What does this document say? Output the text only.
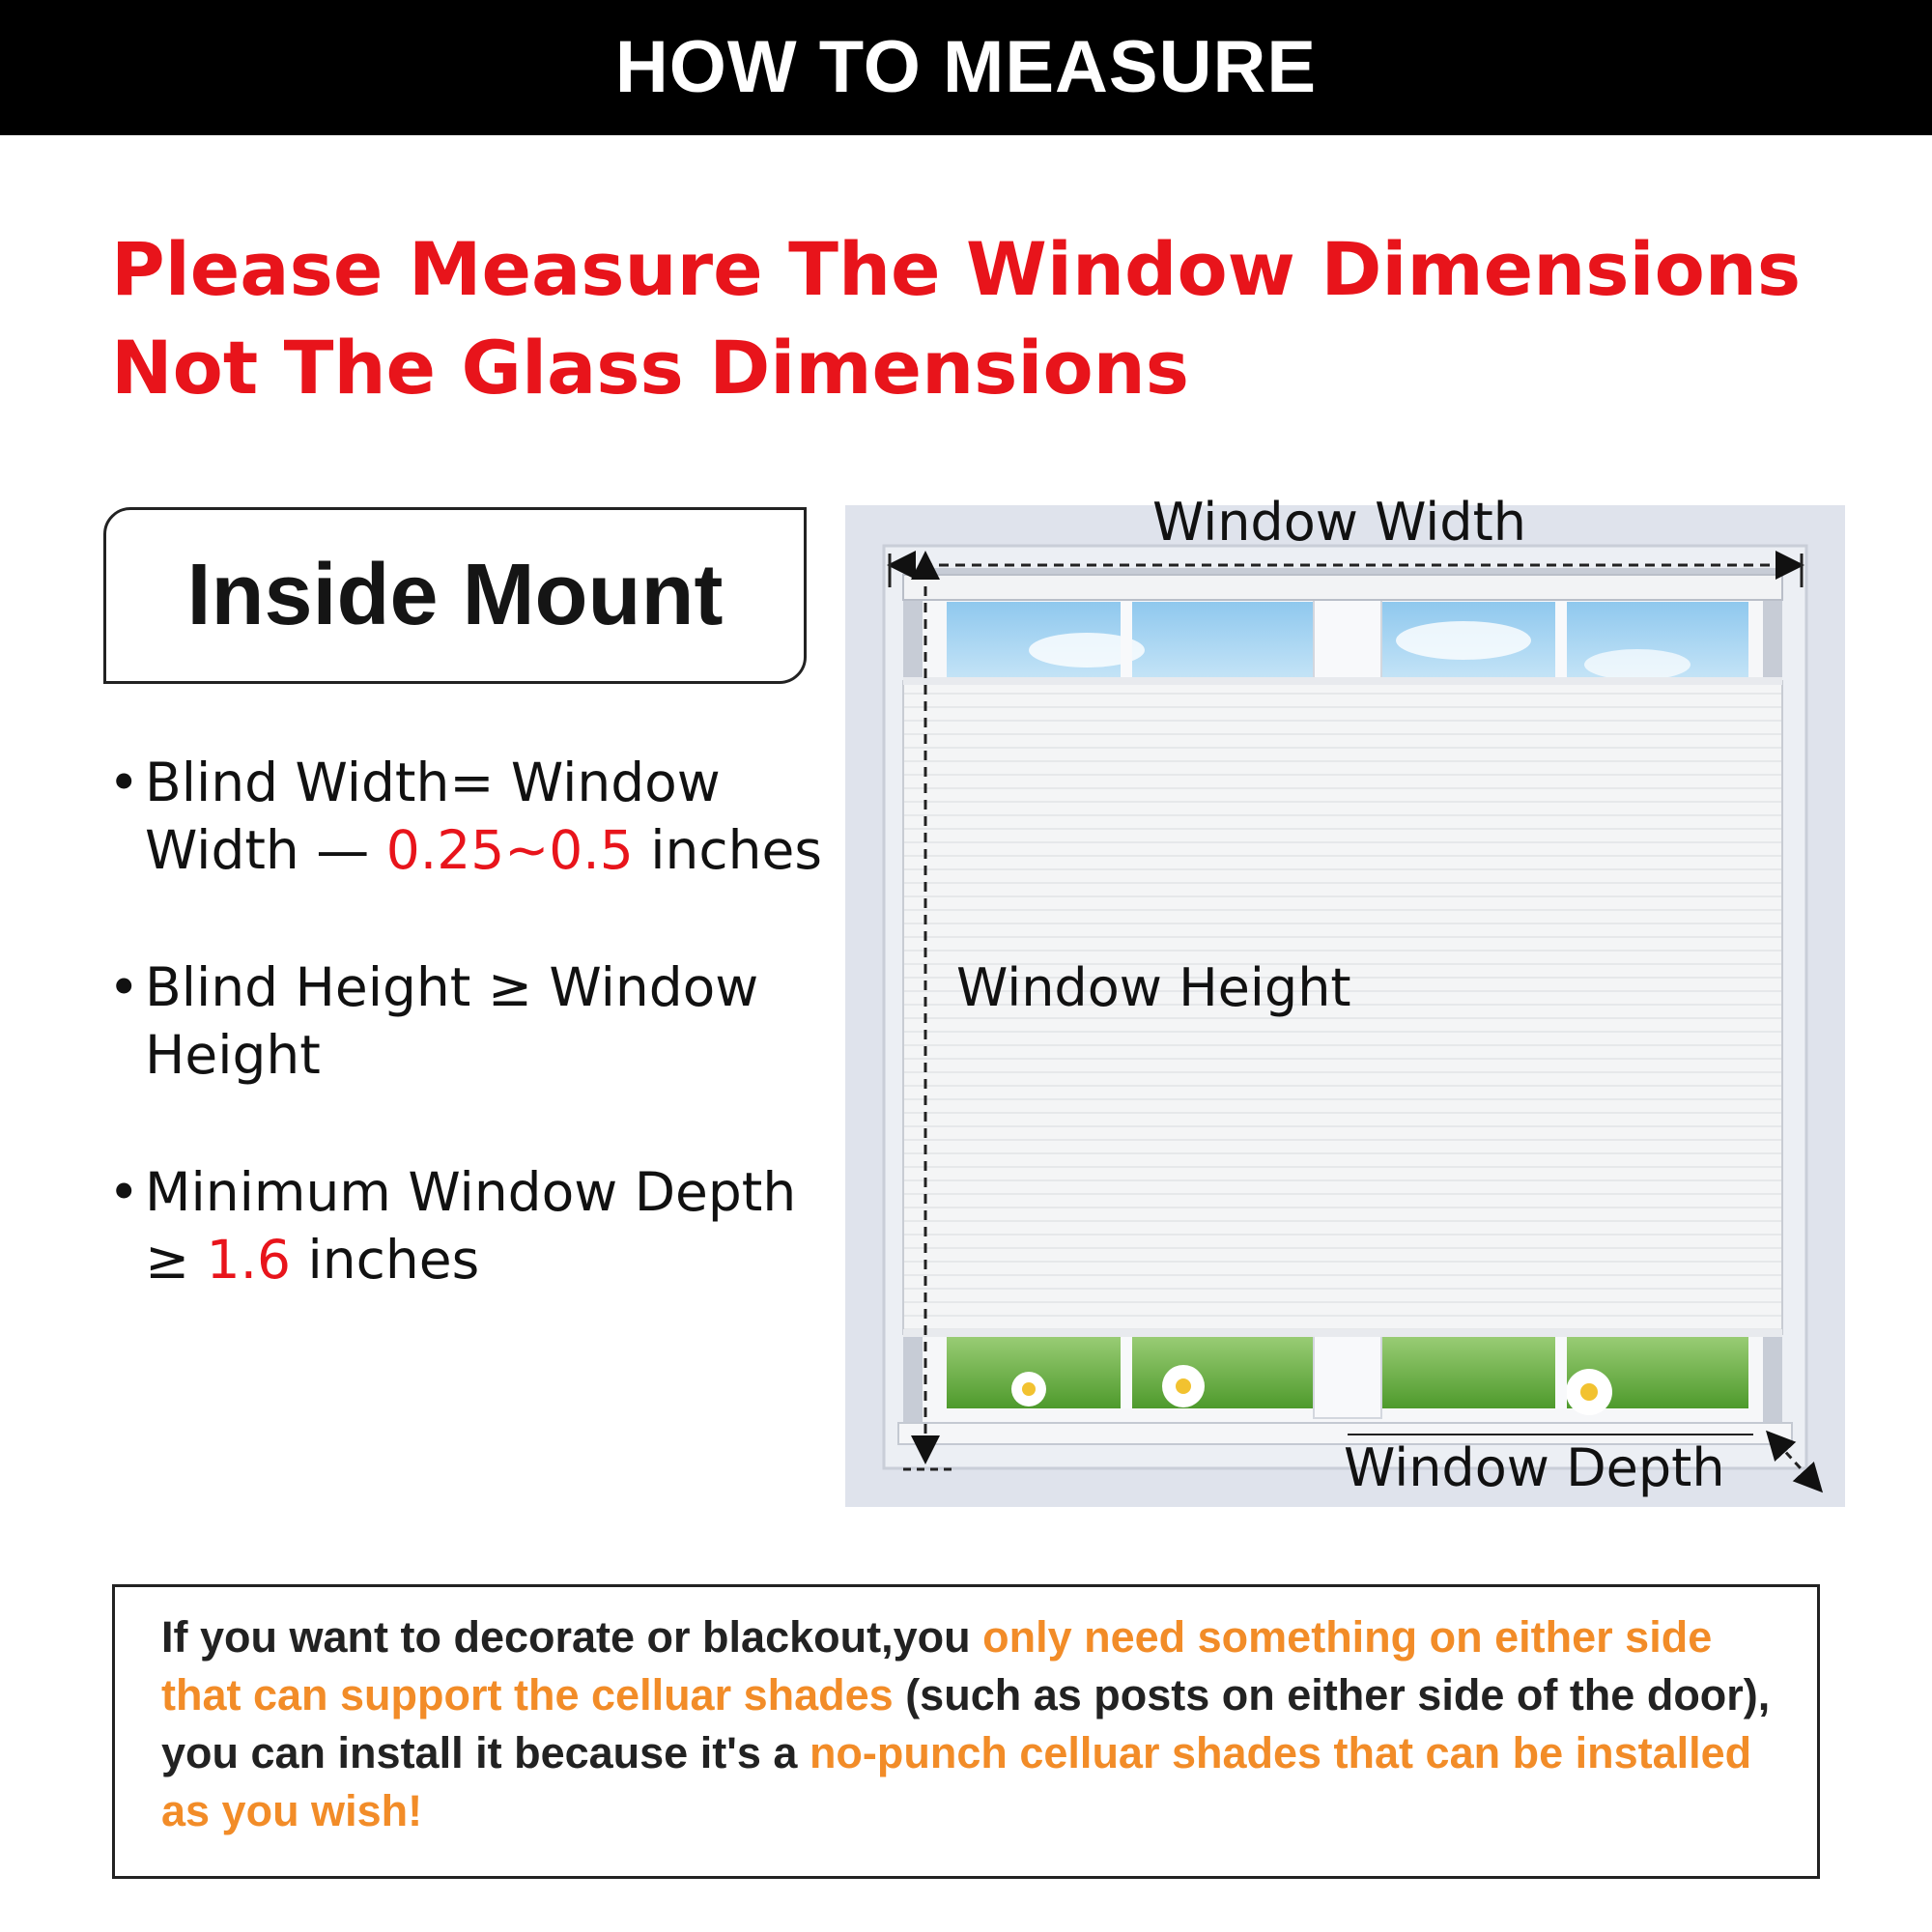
HOW TO MEASURE
Please Measure The Window Dimensions
Not The Glass Dimensions
Inside Mount
• Blind Width= Window
Width — 0.25~0.5 inches
• Blind Height ≥ Window
Height
• Minimum Window Depth
≥ 1.6 inches
Window Width
Window Height
Window Depth
If you want to decorate or blackout,you only need something on either side that can support the celluar shades (such as posts on either side of the door), you can install it because it's a no-punch celluar shades that can be installed as you wish!
